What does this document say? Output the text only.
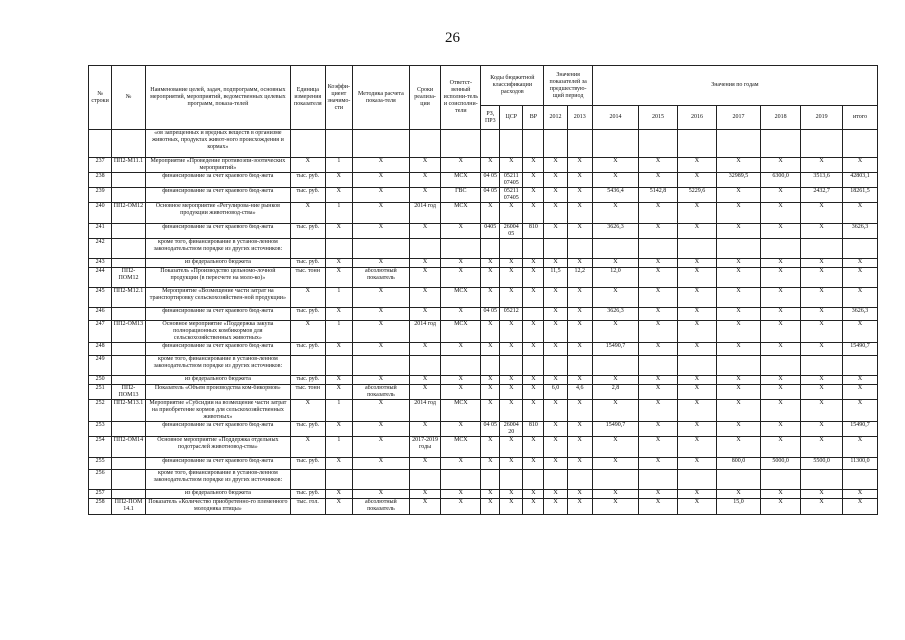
26
№ строки	№	Наименование целей, задач, подпрограмм, основных мероприятий, мероприятий, ведомственных целевых программ, показа-телей	Единица измерения показателя	Коэффи-циент значимо-сти	Методика расчета показа-теля	Сроки реализа-ции	Ответст-венный исполни-тель и соисполни-тели	Коды бюджетной классификации расходов			Значения показателей за предшествую-щий период		Значения по годам						
								РЗ, ПР3	ЦСР	ВР	2012	2013	2014	2015	2016	2017	2018	2019	итого
		«ов запрещенных и вредных веществ в организме животных, продуктах живот-ного происхождения и кормах»																	
237	ПП2-М11.1	Мероприятие «Проведение противоэпи-зоотических мероприятий»	X	1	X	X	X	X	X	X	X	X	X	X	X	X	X	X	X
238		финансирование за счет краевого бюд-жета	тыс. руб.	X	X	X	МСХ	04 05	05211 07405	X	X	X	X	X	X	32989,5	6300,0	3513,6	42803,1
239		финансирование за счет краевого бюд-жета	тыс. руб.	X	X	X	ГВС	04 05	05211 07405	X	X	X	5436,4	5142,8	5229,6	X	X	2432,7	18261,5
240	ПП2-ОМ12	Основное мероприятие «Регулирова-ние рынков продукции животновод-ства»	X	1	X	2014 год	МСХ	X	X	X	X	X	X	X	X	X	X	X	X
241		финансирование за счет краевого бюд-жета	тыс. руб.	X	X	X	X	0405	26004 05	810	X	X	3626,3	X	X	X	X	X	3626,3
242		кроме того, финансирование в установ-ленном законодательством порядке из других источников:																	
243		из федерального бюджета	тыс. руб.	X	X	X	X	X	X	X	X	X	X	X	X	X	X	X	X
244	ПП2-ПОМ12	Показатель «Производство цельномо-лочной продукции (в пересчете на моло-ко)»	тыс. тонн	X	абсолютный показатель	X	X	X	X	X	11,5	12,2	12,0	X	X	X	X	X	X
245	ПП2-М12.1	Мероприятие «Возмещение части затрат на транспортировку сельскохозяйствен-ной продукции»	X	1	X	X	МСХ	X	X	X	X	X	X	X	X	X	X	X	X
246		финансирование за счет краевого бюд-жета	тыс. руб.	X	X	X	X	04 05	05212		X	X	3626,3	X	X	X	X	X	3626,3
247	ПП2-ОМ13	Основное мероприятие «Поддержка закупа полнорационных комбикормов для сельскохозяйственных животных»	X	1	X	2014 год	МСХ	X	X	X	X	X	X	X	X	X	X	X	X
248		финансирование за счет краевого бюд-жета	тыс. руб.	X	X	X	X	X	X	X	X	X	15490,7	X	X	X	X	X	15490,7
249		кроме того, финансирование в установ-ленном законодательством порядке из других источников:																	
250		из федерального бюджета	тыс. руб.	X	X	X	X	X	X	X	X	X	X	X	X	X	X	X	X
251	ПП2-ПОМ13	Показатель «Объем производства ком-бикормов»	тыс. тонн	X	абсолютный показатель	X	X	X	X	X	6,0	4,6	2,8	X	X	X	X	X	X
252	ПП2-М13.1	Мероприятие «Субсидии на возмещение части затрат на приобретение кормов для сельскохозяйственных животных»	X	1	X	2014 год	МСХ	X	X	X	X	X	X	X	X	X	X	X	X
253		финансирование за счет краевого бюд-жета	тыс. руб.	X	X	X	X	04 05	26004 20	810	X	X	15490,7	X	X	X	X	X	15490,7
254	ПП2-ОМ14	Основное мероприятие «Поддержка отдельных подотраслей животновод-ства»	X	1	X	2017-2019 годы	МСХ	X	X	X	X	X	X	X	X	X	X	X	X
255		финансирование за счет краевого бюд-жета	тыс. руб.	X	X	X	X	X	X	X	X	X	X	X	X	800,0	5000,0	5500,0	11300,0
256		кроме того, финансирование в установ-ленном законодательством порядке из других источников:																	
257		из федерального бюджета	тыс. руб.	X	X	X	X	X	X	X	X	X	X	X	X	X	X	X	X
258	ПП2-ПОМ 14.1	Показатель «Количество приобретенно-го племенного молодняка птицы»	тыс. гол.	X	абсолютный показатель	X	X	X	X	X	X	X	X	X	X	15,0	X	X	X
